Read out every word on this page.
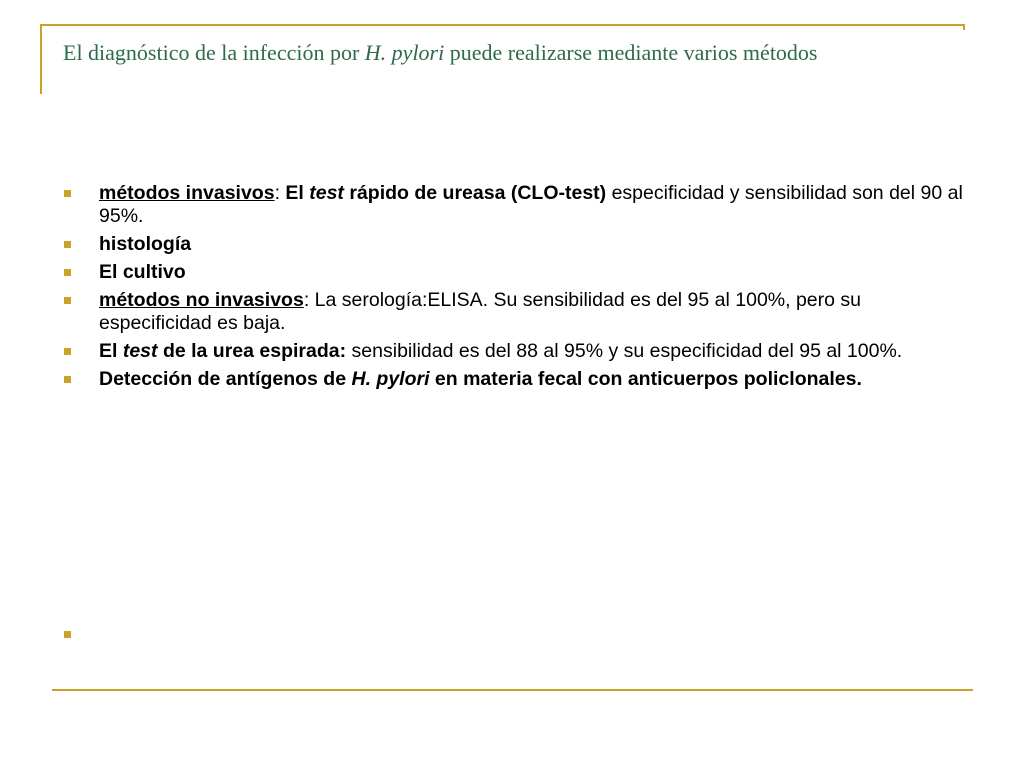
El diagnóstico de la infección por H. pylori puede realizarse mediante varios métodos
métodos invasivos: El test rápido de ureasa (CLO-test) especificidad y sensibilidad son del 90 al 95%.
histología
El cultivo
métodos no invasivos: La serología:ELISA. Su sensibilidad es del 95 al 100%, pero su especificidad es baja.
El test de la urea espirada: sensibilidad es del 88 al 95% y su especificidad del 95 al 100%.
Detección de antígenos de H. pylori en materia fecal con anticuerpos policlonales.
